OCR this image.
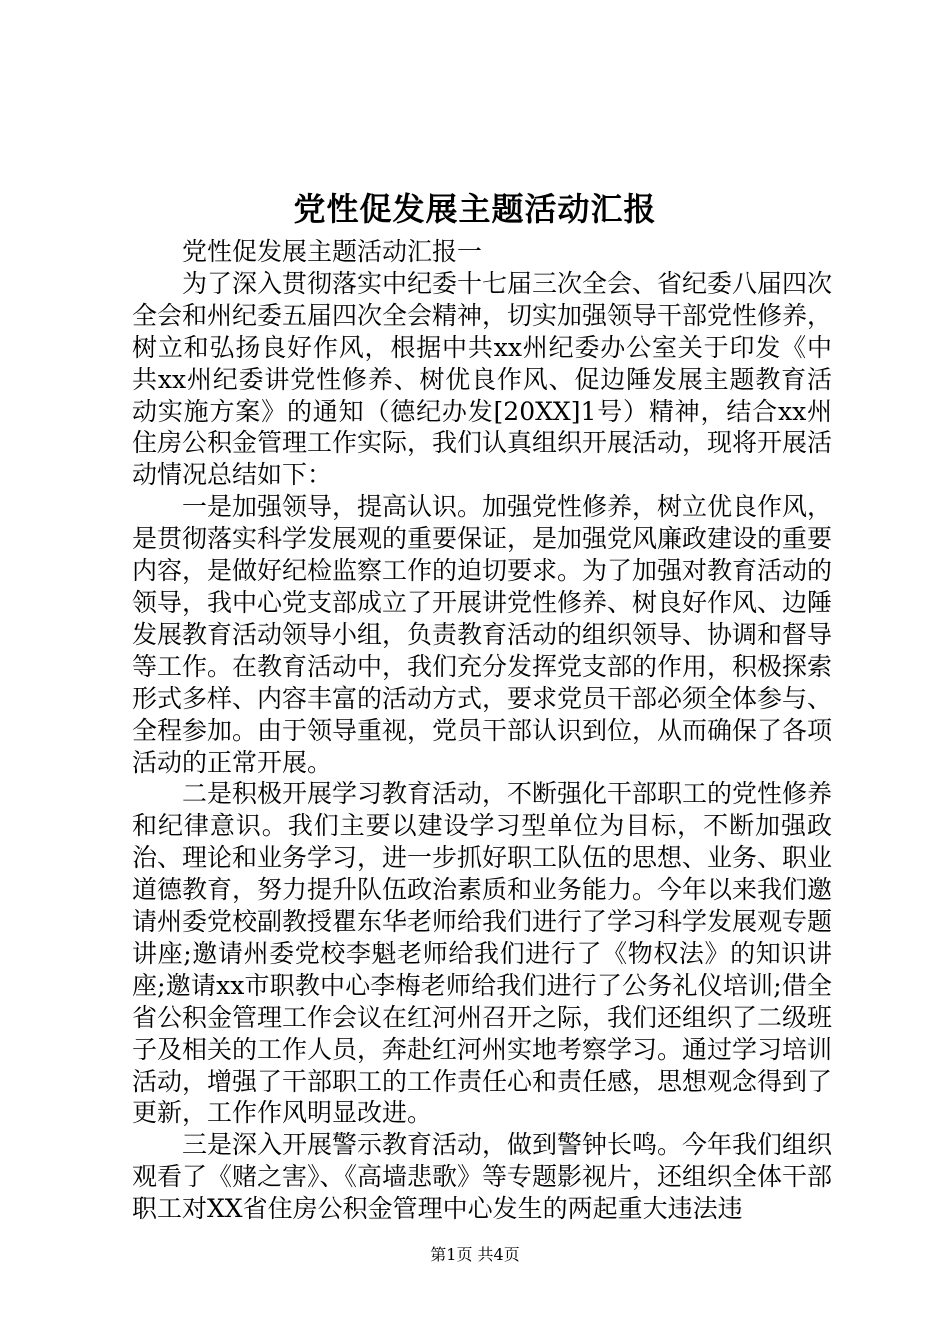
党性促发展主题活动汇报

党性促发展主题活动汇报一

为了深入贯彻落实中纪委十七届三次全会、省纪委八届四次全会和州纪委五届四次全会精神，切实加强领导干部党性修养，树立和弘扬良好作风，根据中共xx州纪委办公室关于印发《中共xx州纪委讲党性修养、树优良作风、促边陲发展主题教育活动实施方案》的通知（德纪办发[20XX]1号）精神，结合xx州住房公积金管理工作实际，我们认真组织开展活动，现将开展活动情况总结如下：

一是加强领导，提高认识。加强党性修养，树立优良作风，是贯彻落实科学发展观的重要保证，是加强党风廉政建设的重要内容，是做好纪检监察工作的迫切要求。为了加强对教育活动的领导，我中心党支部成立了开展讲党性修养、树良好作风、边陲发展教育活动领导小组，负责教育活动的组织领导、协调和督导等工作。在教育活动中，我们充分发挥党支部的作用，积极探索形式多样、内容丰富的活动方式，要求党员干部必须全体参与、全程参加。由于领导重视，党员干部认识到位，从而确保了各项活动的正常开展。

二是积极开展学习教育活动，不断强化干部职工的党性修养和纪律意识。我们主要以建设学习型单位为目标，不断加强政治、理论和业务学习，进一步抓好职工队伍的思想、业务、职业道德教育，努力提升队伍政治素质和业务能力。今年以来我们邀请州委党校副教授瞿东华老师给我们进行了学习科学发展观专题讲座;邀请州委党校李魁老师给我们进行了《物权法》的知识讲座;邀请xx市职教中心李梅老师给我们进行了公务礼仪培训;借全省公积金管理工作会议在红河州召开之际，我们还组织了二级班子及相关的工作人员，奔赴红河州实地考察学习。通过学习培训活动，增强了干部职工的工作责任心和责任感，思想观念得到了更新，工作作风明显改进。

三是深入开展警示教育活动，做到警钟长鸣。今年我们组织观看了《赌之害》、《高墙悲歌》等专题影视片，还组织全体干部职工对XX省住房公积金管理中心发生的两起重大违法违

第1页 共4页
